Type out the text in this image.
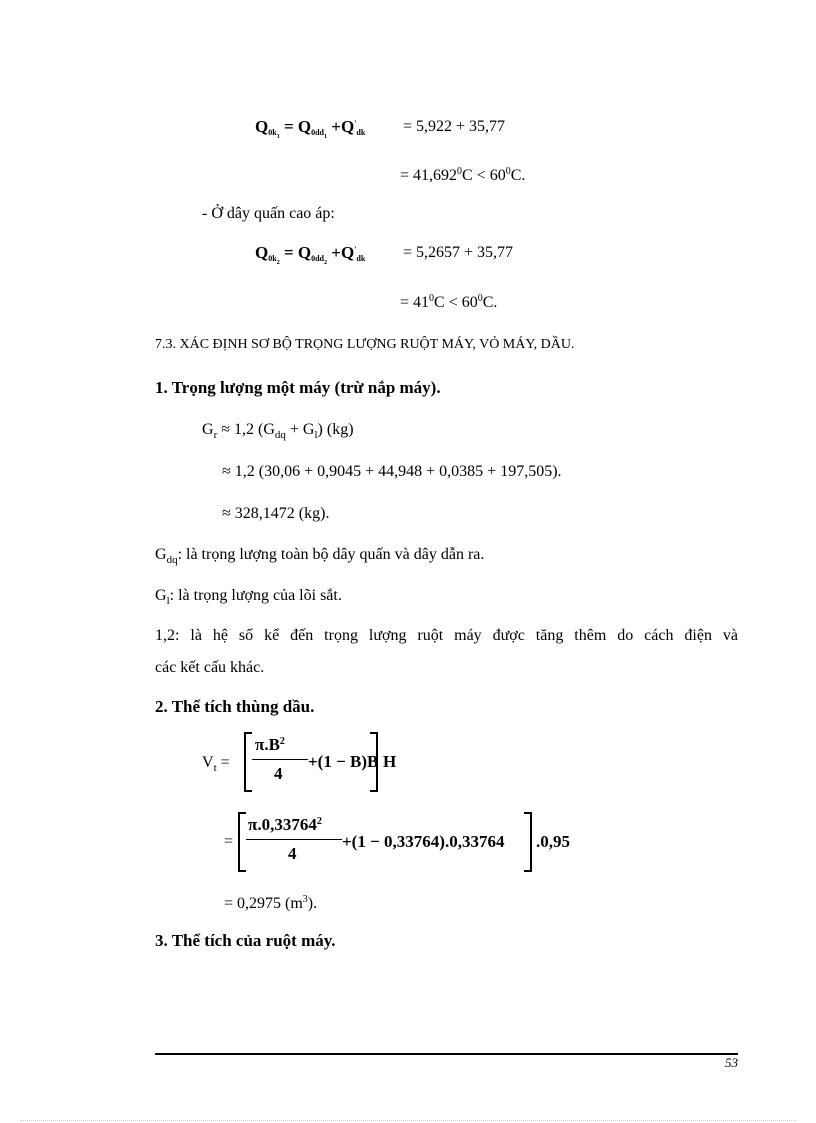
$Q0k_1 = Q0dd_1 +Q'dk = 5,922 + 35,77$
= $41,692^0C < 60^0C$.
- Ở dây quấn cao áp:
$Q0k_2 = Q0dd_2 +Q'dk = 5,2657 + 35,77$
= $41^0C < 60^0C$.
7.3. XÁC ĐỊNH SƠ BỘ TRỌNG LƯỢNG RUỘT MÁY, VỎ MÁY, DẦU.
1. Trọng lượng một máy (trừ nắp máy).
$G_r \approx 1,2$ $(G_{dq} + G_l)$ (kg)
≈ 1,2 (30,06 + 0,9045 + 44,948 + 0,0385 + 197,505).
≈ 328,1472 (kg).
$G_{dq}$: là trọng lượng toàn bộ dây quấn và dây dẫn ra.
$G_l$: là trọng lượng của lõi sắt.
1,2: là hệ số kể đến trọng lượng ruột máy được tăng thêm do cách điện và
các kết cấu khác.
2. Thể tích thùng dầu.
$V_t$ =
$\pi.B^2$
4
+(1 − B)B H
=
$\pi.0,33764^2$
4
+(1 − 0,33764).0,33764 .0,95
= 0,2975 $(m^3)$.
3. Thể tích của ruột máy.
53
